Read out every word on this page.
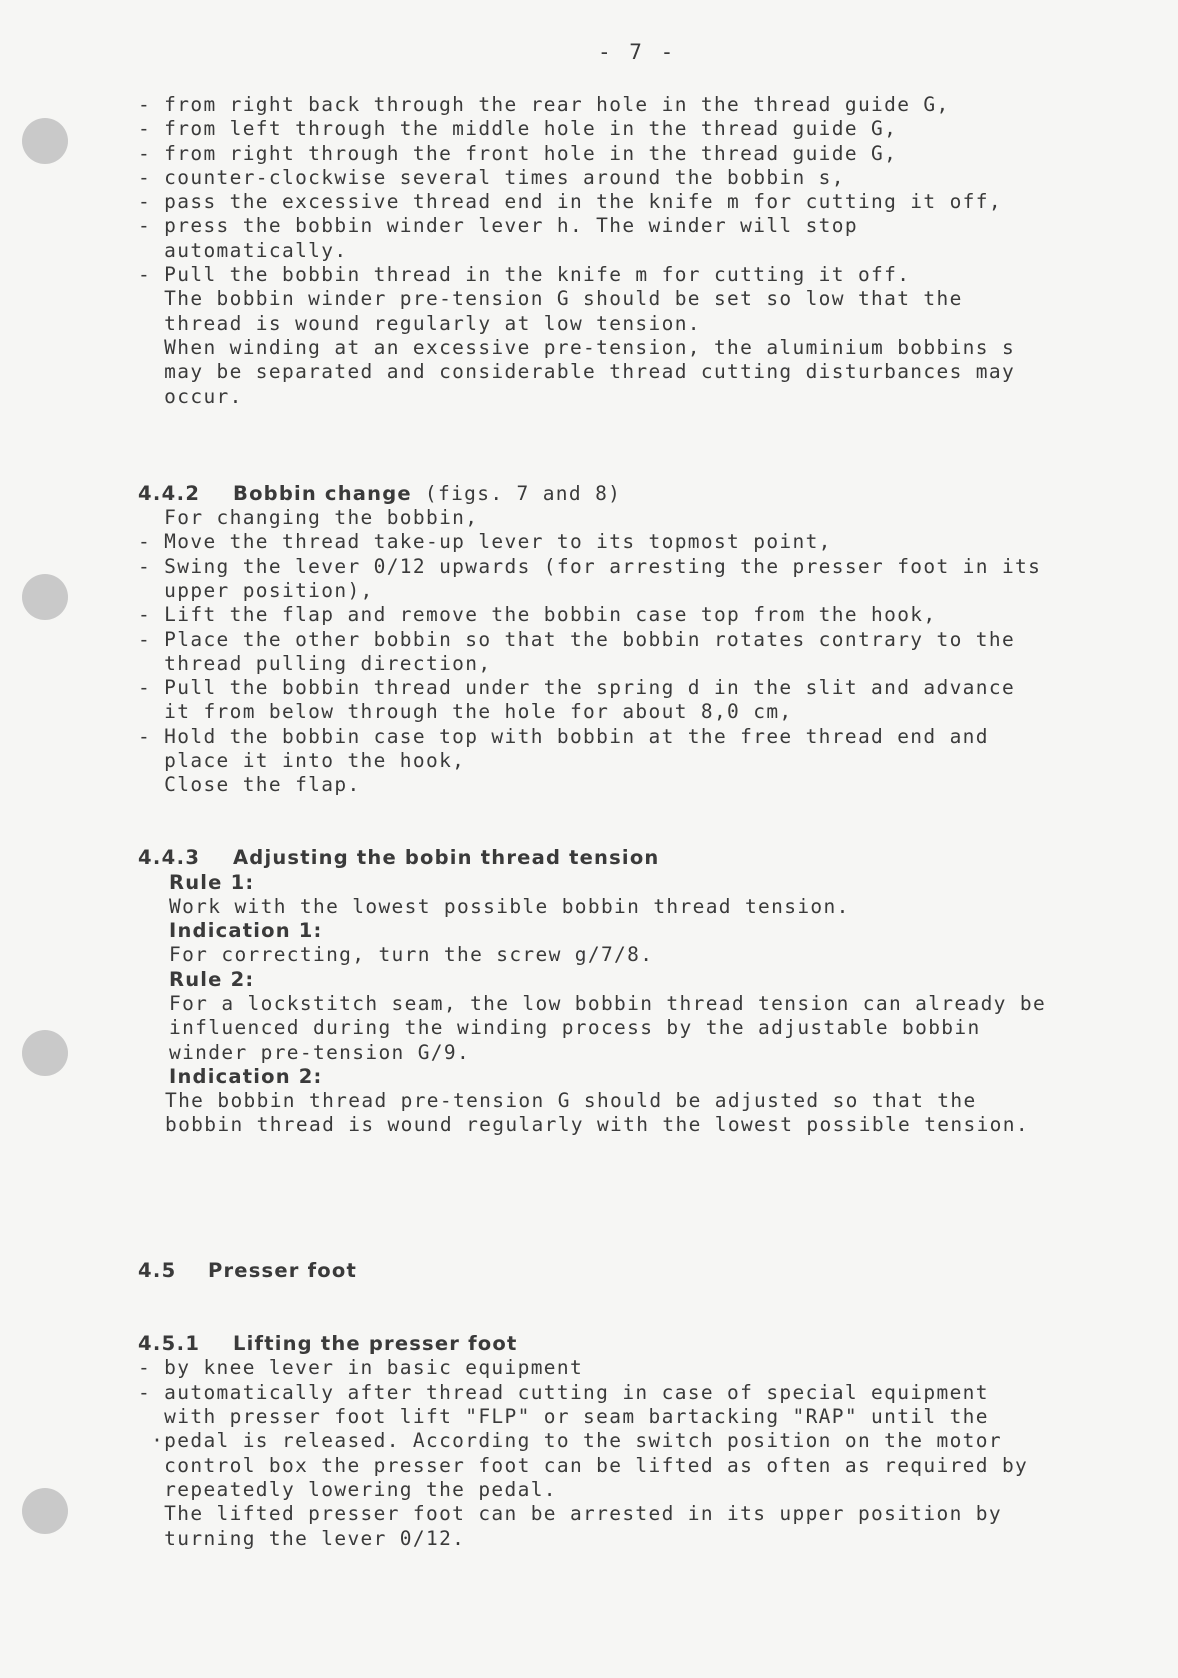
- 7 -
- from right back through the rear hole in the thread guide G,
- from left through the middle hole in the thread guide G,
- from right through the front hole in the thread guide G,
- counter-clockwise several times around the bobbin s,
- pass the excessive thread end in the knife m for cutting it off,
- press the bobbin winder lever h. The winder will stop
automatically.
- Pull the bobbin thread in the knife m for cutting it off.
The bobbin winder pre-tension G should be set so low that the
thread is wound regularly at low tension.
When winding at an excessive pre-tension, the aluminium bobbins s
may be separated and considerable thread cutting disturbances may
occur.
4.4.2	Bobbin change (figs. 7 and 8)
For changing the bobbin,
- Move the thread take-up lever to its topmost point,
- Swing the lever 0/12 upwards (for arresting the presser foot in its
upper position),
- Lift the flap and remove the bobbin case top from the hook,
- Place the other bobbin so that the bobbin rotates contrary to the
thread pulling direction,
- Pull the bobbin thread under the spring d in the slit and advance
it from below through the hole for about 8,0 cm,
- Hold the bobbin case top with bobbin at the free thread end and
place it into the hook,
Close the flap.
4.4.3	Adjusting the bobin thread tension
Rule 1:
Work with the lowest possible bobbin thread tension.
Indication 1:
For correcting, turn the screw g/7/8.
Rule 2:
For a lockstitch seam, the low bobbin thread tension can already be
influenced during the winding process by the adjustable bobbin
winder pre-tension G/9.
Indication 2:
The bobbin thread pre-tension G should be adjusted so that the
bobbin thread is wound regularly with the lowest possible tension.
4.5	Presser foot
4.5.1	Lifting the presser foot
- by knee lever in basic equipment
- automatically after thread cutting in case of special equipment
with presser foot lift "FLP" or seam bartacking "RAP" until the
·pedal is released. According to the switch position on the motor
control box the presser foot can be lifted as often as required by
repeatedly lowering the pedal.
The lifted presser foot can be arrested in its upper position by
turning the lever 0/12.
